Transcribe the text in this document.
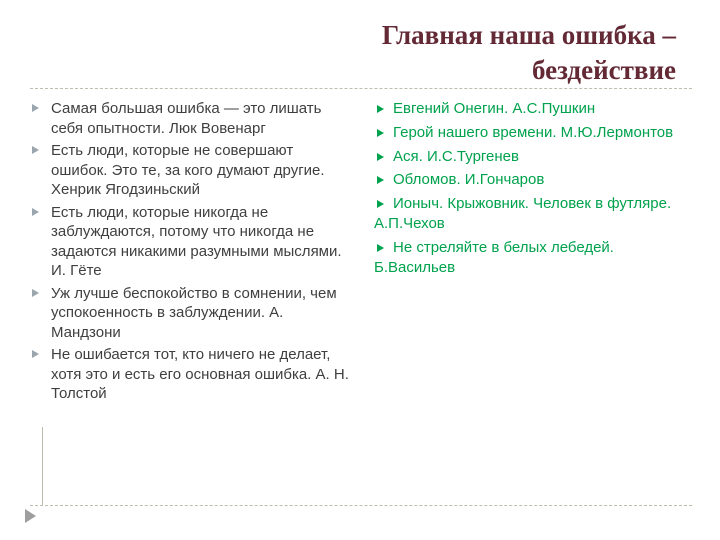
Главная наша ошибка –
бездействие
Самая большая ошибка — это лишать себя опытности. Люк Вовенарг
Есть люди, которые не совершают ошибок. Это те, за кого думают другие. Хенрик Ягодзиньский
Есть люди, которые никогда не заблуждаются, потому что никогда не задаются никакими разумными мыслями. И. Гёте
Уж лучше беспокойство в сомнении, чем успокоенность в заблуждении. А. Мандзони
Не ошибается тот, кто ничего не делает, хотя это и есть его основная ошибка. А. Н. Толстой
Евгений Онегин. А.С.Пушкин
Герой нашего времени. М.Ю.Лермонтов
Ася. И.С.Тургенев
Обломов. И.Гончаров
Ионыч. Крыжовник. Человек в футляре. А.П.Чехов
Не стреляйте в белых лебедей. Б.Васильев
